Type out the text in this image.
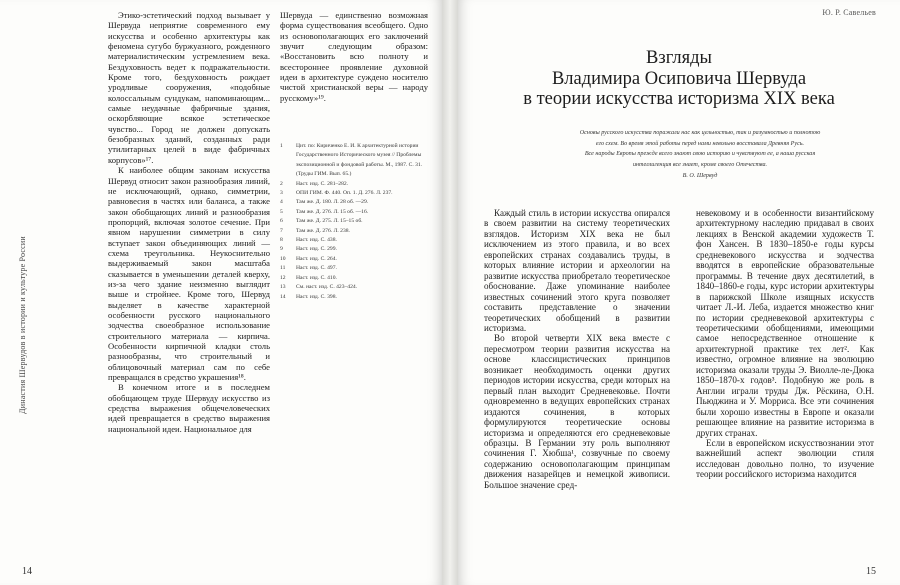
Династия Шервудов в истории и культуре России

Этико-эстетический подход вызывает у Шервуда неприятие современного ему искусства и особенно архитектуры как феномена сугубо буржуазного, рожденного материалистическим устремлением века. Бездуховность ведет к подражательности. Кроме того, бездуховность рождает уродливые сооружения, «подобные колоссальным сундукам, напоминающим... самые неудачные фабричные здания, оскорбляющие всякое эстетическое чувство... Город не должен допускать безобразных зданий, созданных ради утилитарных целей в виде фабричных корпусов»¹⁷.

К наиболее общим законам искусства Шервуд относит закон разнообразия линий, не исключающий, однако, симметрии, равновесия в частях или баланса, а также закон обобщающих линий и разнообразия пропорций, включая золотое сечение. При явном нарушении симметрии в силу вступает закон объединяющих линий — схема треугольника. Неукоснительно выдерживаемый закон масштаба сказывается в уменьшении деталей кверху, из-за чего здание неизменно выглядит выше и стройнее. Кроме того, Шервуд выделяет в качестве характерной особенности русского национального зодчества своеобразное использование строительного материала — кирпича. Особенности кирпичной кладки столь разнообразны, что строительный и облицовочный материал сам по себе превращался в средство украшения¹⁸.

В конечном итоге и в последнем обобщающем труде Шервуду искусство из средства выражения общечеловеческих идей превращается в средство выражения национальной идеи. Национальное для

Шервуда — единственно возможная форма существования всеобщего. Одно из основополагающих его заключений звучит следующим образом: «Восстановить всю полноту и всестороннее проявление духовной идеи в архитектуре суждено носителю чистой христианской веры — народу русскому»¹⁹.

1	Цит. по: Кириченко Е. И. К архитектурной истории Государственного Исторического музея // Проблемы экспозиционной и фондовой работы. М., 1987. С. 31. (Труды ГИМ. Вып. 65.)
2	Наст. изд. С. 281–282.
3	ОПИ ГИМ. Ф. 440. Оп. 1. Д. 276. Л. 237.
4	Там же. Д. 180. Л. 28 об. —29.
5	Там же. Д. 276. Л. 15 об. —16.
6	Там же. Д. 275. Л. 15–15 об.
7	Там же. Д. 276. Л. 238.
8	Наст. изд. С. 438.
9	Наст. изд. С. 299.
10	Наст. изд. С. 264.
11	Наст. изд. С. 497.
12	Наст. изд. С. 410.
13	См. наст. изд. С. 423–424.
14	Наст. изд. С. 398.
14
Ю. Р. Савельев
Взгляды
Владимира Осиповича Шервуда
в теории искусства историзма XIX века
Основы русского искусства поражали нас как цельностью, так и разумностью и полнотою
его схем. Во время этой работы перед нами невольно восставала Древняя Русь.
Все народы Европы прежде всего знают свою историю и чувствуют ее, а наша русская
интеллигенция все знает, кроме своего Отечества.
В. О. Шервуд

Каждый стиль в истории искусства опирался в своем развитии на систему теоретических взглядов. Историзм XIX века не был исключением из этого правила, и во всех европейских странах создавались труды, в которых влияние истории и археологии на развитие искусства приобретало теоретическое обоснование. Даже упоминание наиболее известных сочинений этого круга позволяет составить представление о значении теоретических обобщений в развитии историзма.

Во второй четверти XIX века вместе с пересмотром теории развития искусства на основе классицистических принципов возникает необходимость оценки других периодов истории искусства, среди которых на первый план выходит Средневековье. Почти одновременно в ведущих европейских странах издаются сочинения, в которых формулируются теоретические основы историзма и определяются его средневековые образцы. В Германии эту роль выполняют сочинения Г. Хюбша¹, созвучные по своему содержанию основополагающим принципам движения назарейцев и немецкой живописи. Большое значение сред-

невековому и в особенности византийскому архитектурному наследию придавал в своих лекциях в Венской академии художеств Т. фон Хансен. В 1830–1850-е годы курсы средневекового искусства и зодчества вводятся в европейские образовательные программы. В течение двух десятилетий, в 1840–1860-е годы, курс истории архитектуры в парижской Школе изящных искусств читает Л.-И. Леба, издается множество книг по истории средневековой архитектуры с теоретическими обобщениями, имеющими самое непосредственное отношение к архитектурной практике тех лет². Как известно, огромное влияние на эволюцию историзма оказали труды Э. Виолле-ле-Дюка 1850–1870-х годов³. Подобную же роль в Англии играли труды Дж. Рёскина, О.Н. Пьюджина и У. Морриса. Все эти сочинения были хорошо известны в Европе и оказали решающее влияние на развитие историзма в других странах.

Если в европейском искусствознании этот важнейший аспект эволюции стиля исследован довольно полно, то изучение теории российского историзма находится

15
